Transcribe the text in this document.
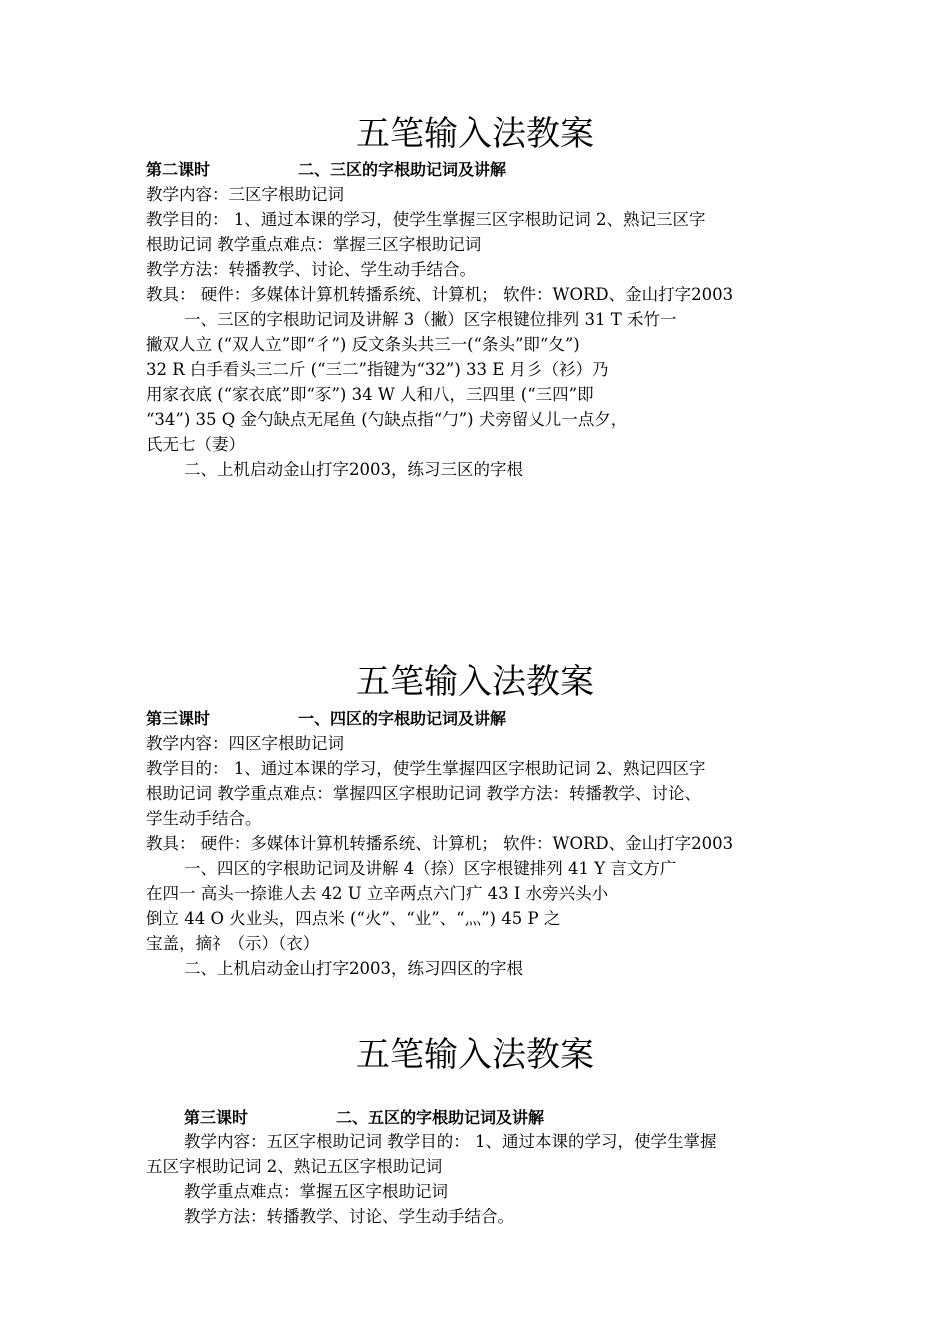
五笔输入法教案

第二课时	二、三区的字根助记词及讲解

教学内容：三区字根助记词

教学目的： 1、通过本课的学习，使学生掌握三区字根助记词 2、熟记三区字

根助记词 教学重点难点：掌握三区字根助记词

教学方法：转播教学、讨论、学生动手结合。

教具： 硬件：多媒体计算机转播系统、计算机； 软件：WORD、金山打字2003

一、三区的字根助记词及讲解 3（撇）区字根键位排列 31 T 禾竹一

撇双人立 (“双人立”即“彳”) 反文条头共三一(“条头”即“夂”)

32 R 白手看头三二斤 (“三二”指键为“32”) 33 E 月彡（衫）乃

用家衣底 (“家衣底”即“豕”) 34 W 人和八，三四里 (“三四”即

“34”) 35 Q 金勺缺点无尾鱼 (勺缺点指“勹”) 犬旁留乂儿一点夕，

氏无七（妻）

二、上机启动金山打字2003，练习三区的字根

五笔输入法教案

第三课时	一、四区的字根助记词及讲解

教学内容：四区字根助记词

教学目的： 1、通过本课的学习，使学生掌握四区字根助记词 2、熟记四区字

根助记词 教学重点难点：掌握四区字根助记词 教学方法：转播教学、讨论、

学生动手结合。

教具： 硬件：多媒体计算机转播系统、计算机； 软件：WORD、金山打字2003

一、四区的字根助记词及讲解 4（捺）区字根键排列 41 Y 言文方广

在四一 高头一捺谁人去 42 U 立辛两点六门疒 43 I 水旁兴头小

倒立 44 O 火业头，四点米 (“火”、“业”、“灬”) 45 P 之

宝盖，摘礻（示）（衣）

二、上机启动金山打字2003，练习四区的字根

五笔输入法教案

第三课时	二、五区的字根助记词及讲解

教学内容：五区字根助记词 教学目的： 1、通过本课的学习，使学生掌握

五区字根助记词 2、熟记五区字根助记词

教学重点难点：掌握五区字根助记词

教学方法：转播教学、讨论、学生动手结合。
